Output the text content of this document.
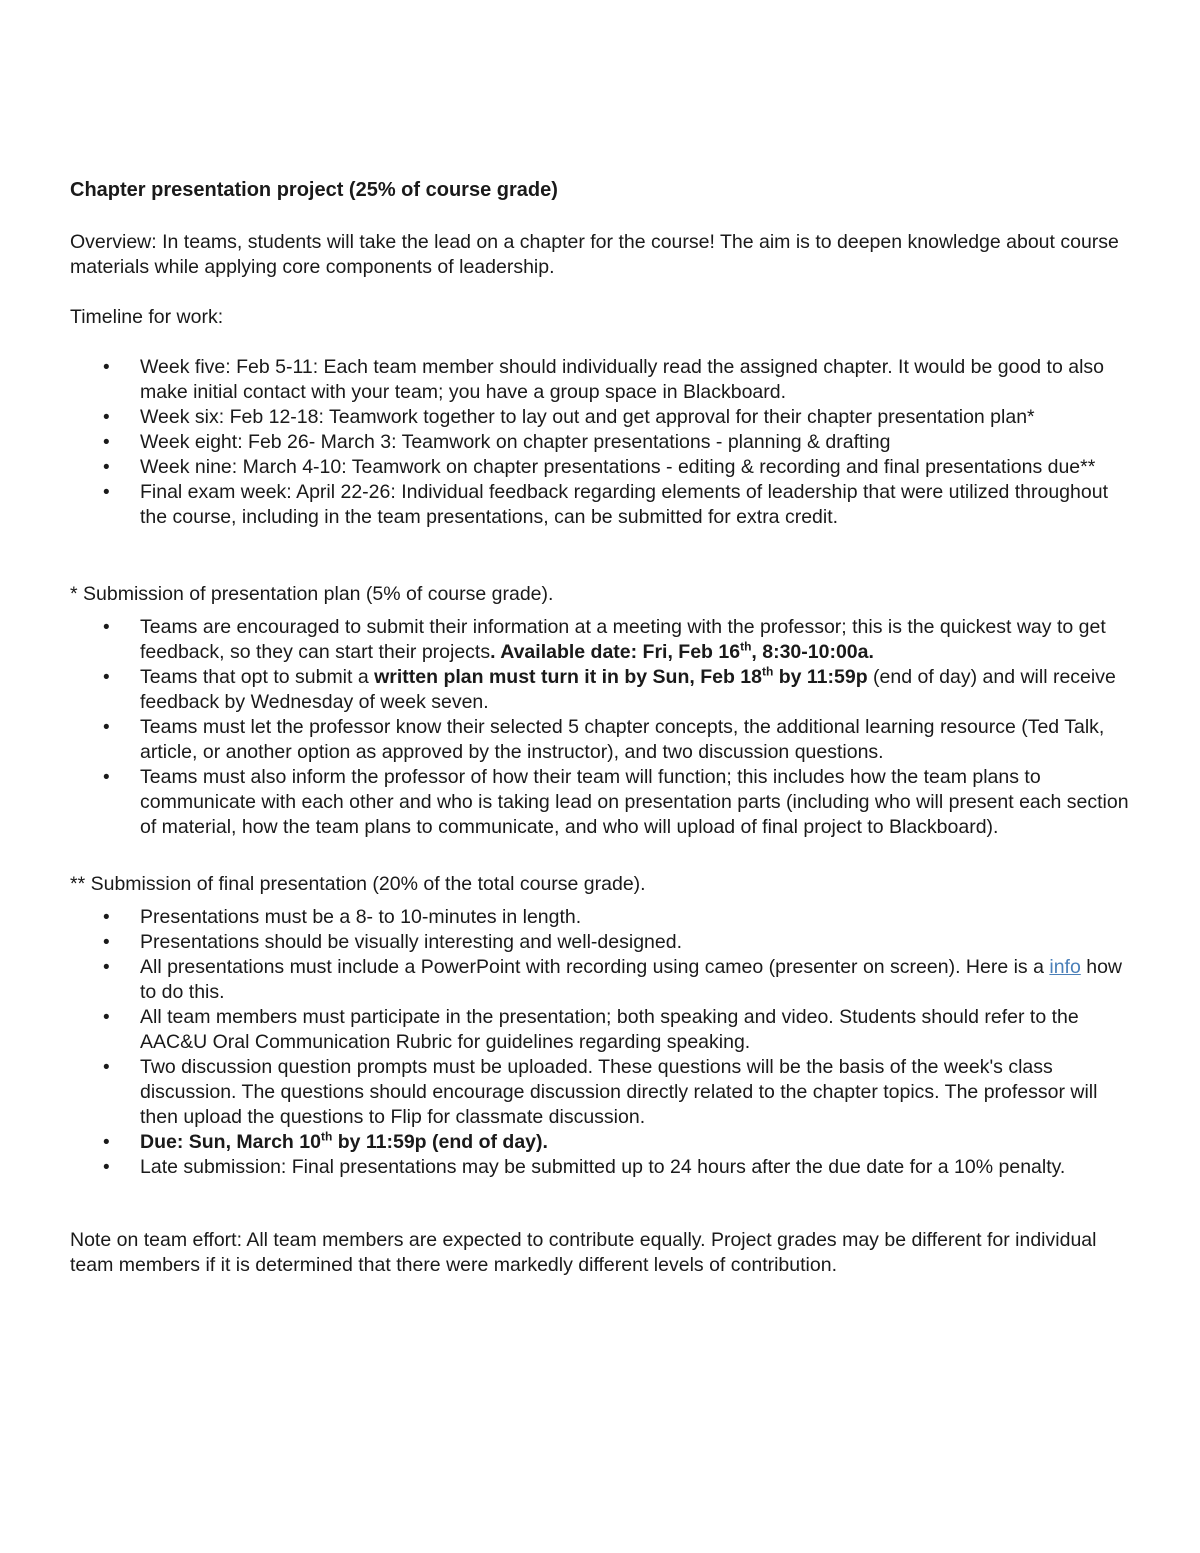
Chapter presentation project (25% of course grade)

Overview: In teams, students will take the lead on a chapter for the course! The aim is to deepen knowledge about course materials while applying core components of leadership.

Timeline for work:

• Week five: Feb 5-11: Each team member should individually read the assigned chapter. It would be good to also make initial contact with your team; you have a group space in Blackboard.
• Week six: Feb 12-18: Teamwork together to lay out and get approval for their chapter presentation plan*
• Week eight: Feb 26- March 3: Teamwork on chapter presentations - planning & drafting
• Week nine: March 4-10: Teamwork on chapter presentations - editing & recording and final presentations due**
• Final exam week: April 22-26: Individual feedback regarding elements of leadership that were utilized throughout the course, including in the team presentations, can be submitted for extra credit.

* Submission of presentation plan (5% of course grade).

• Teams are encouraged to submit their information at a meeting with the professor; this is the quickest way to get feedback, so they can start their projects. Available date: Fri, Feb 16th, 8:30-10:00a.
• Teams that opt to submit a written plan must turn it in by Sun, Feb 18th by 11:59p (end of day) and will receive feedback by Wednesday of week seven.
• Teams must let the professor know their selected 5 chapter concepts, the additional learning resource (Ted Talk, article, or another option as approved by the instructor), and two discussion questions.
• Teams must also inform the professor of how their team will function; this includes how the team plans to communicate with each other and who is taking lead on presentation parts (including who will present each section of material, how the team plans to communicate, and who will upload of final project to Blackboard).

** Submission of final presentation (20% of the total course grade).

• Presentations must be a 8- to 10-minutes in length.
• Presentations should be visually interesting and well-designed.
• All presentations must include a PowerPoint with recording using cameo (presenter on screen). Here is a info how to do this.
• All team members must participate in the presentation; both speaking and video. Students should refer to the AAC&U Oral Communication Rubric for guidelines regarding speaking.
• Two discussion question prompts must be uploaded. These questions will be the basis of the week's class discussion. The questions should encourage discussion directly related to the chapter topics. The professor will then upload the questions to Flip for classmate discussion.
• Due: Sun, March 10th by 11:59p (end of day).
• Late submission: Final presentations may be submitted up to 24 hours after the due date for a 10% penalty.

Note on team effort: All team members are expected to contribute equally. Project grades may be different for individual team members if it is determined that there were markedly different levels of contribution.
